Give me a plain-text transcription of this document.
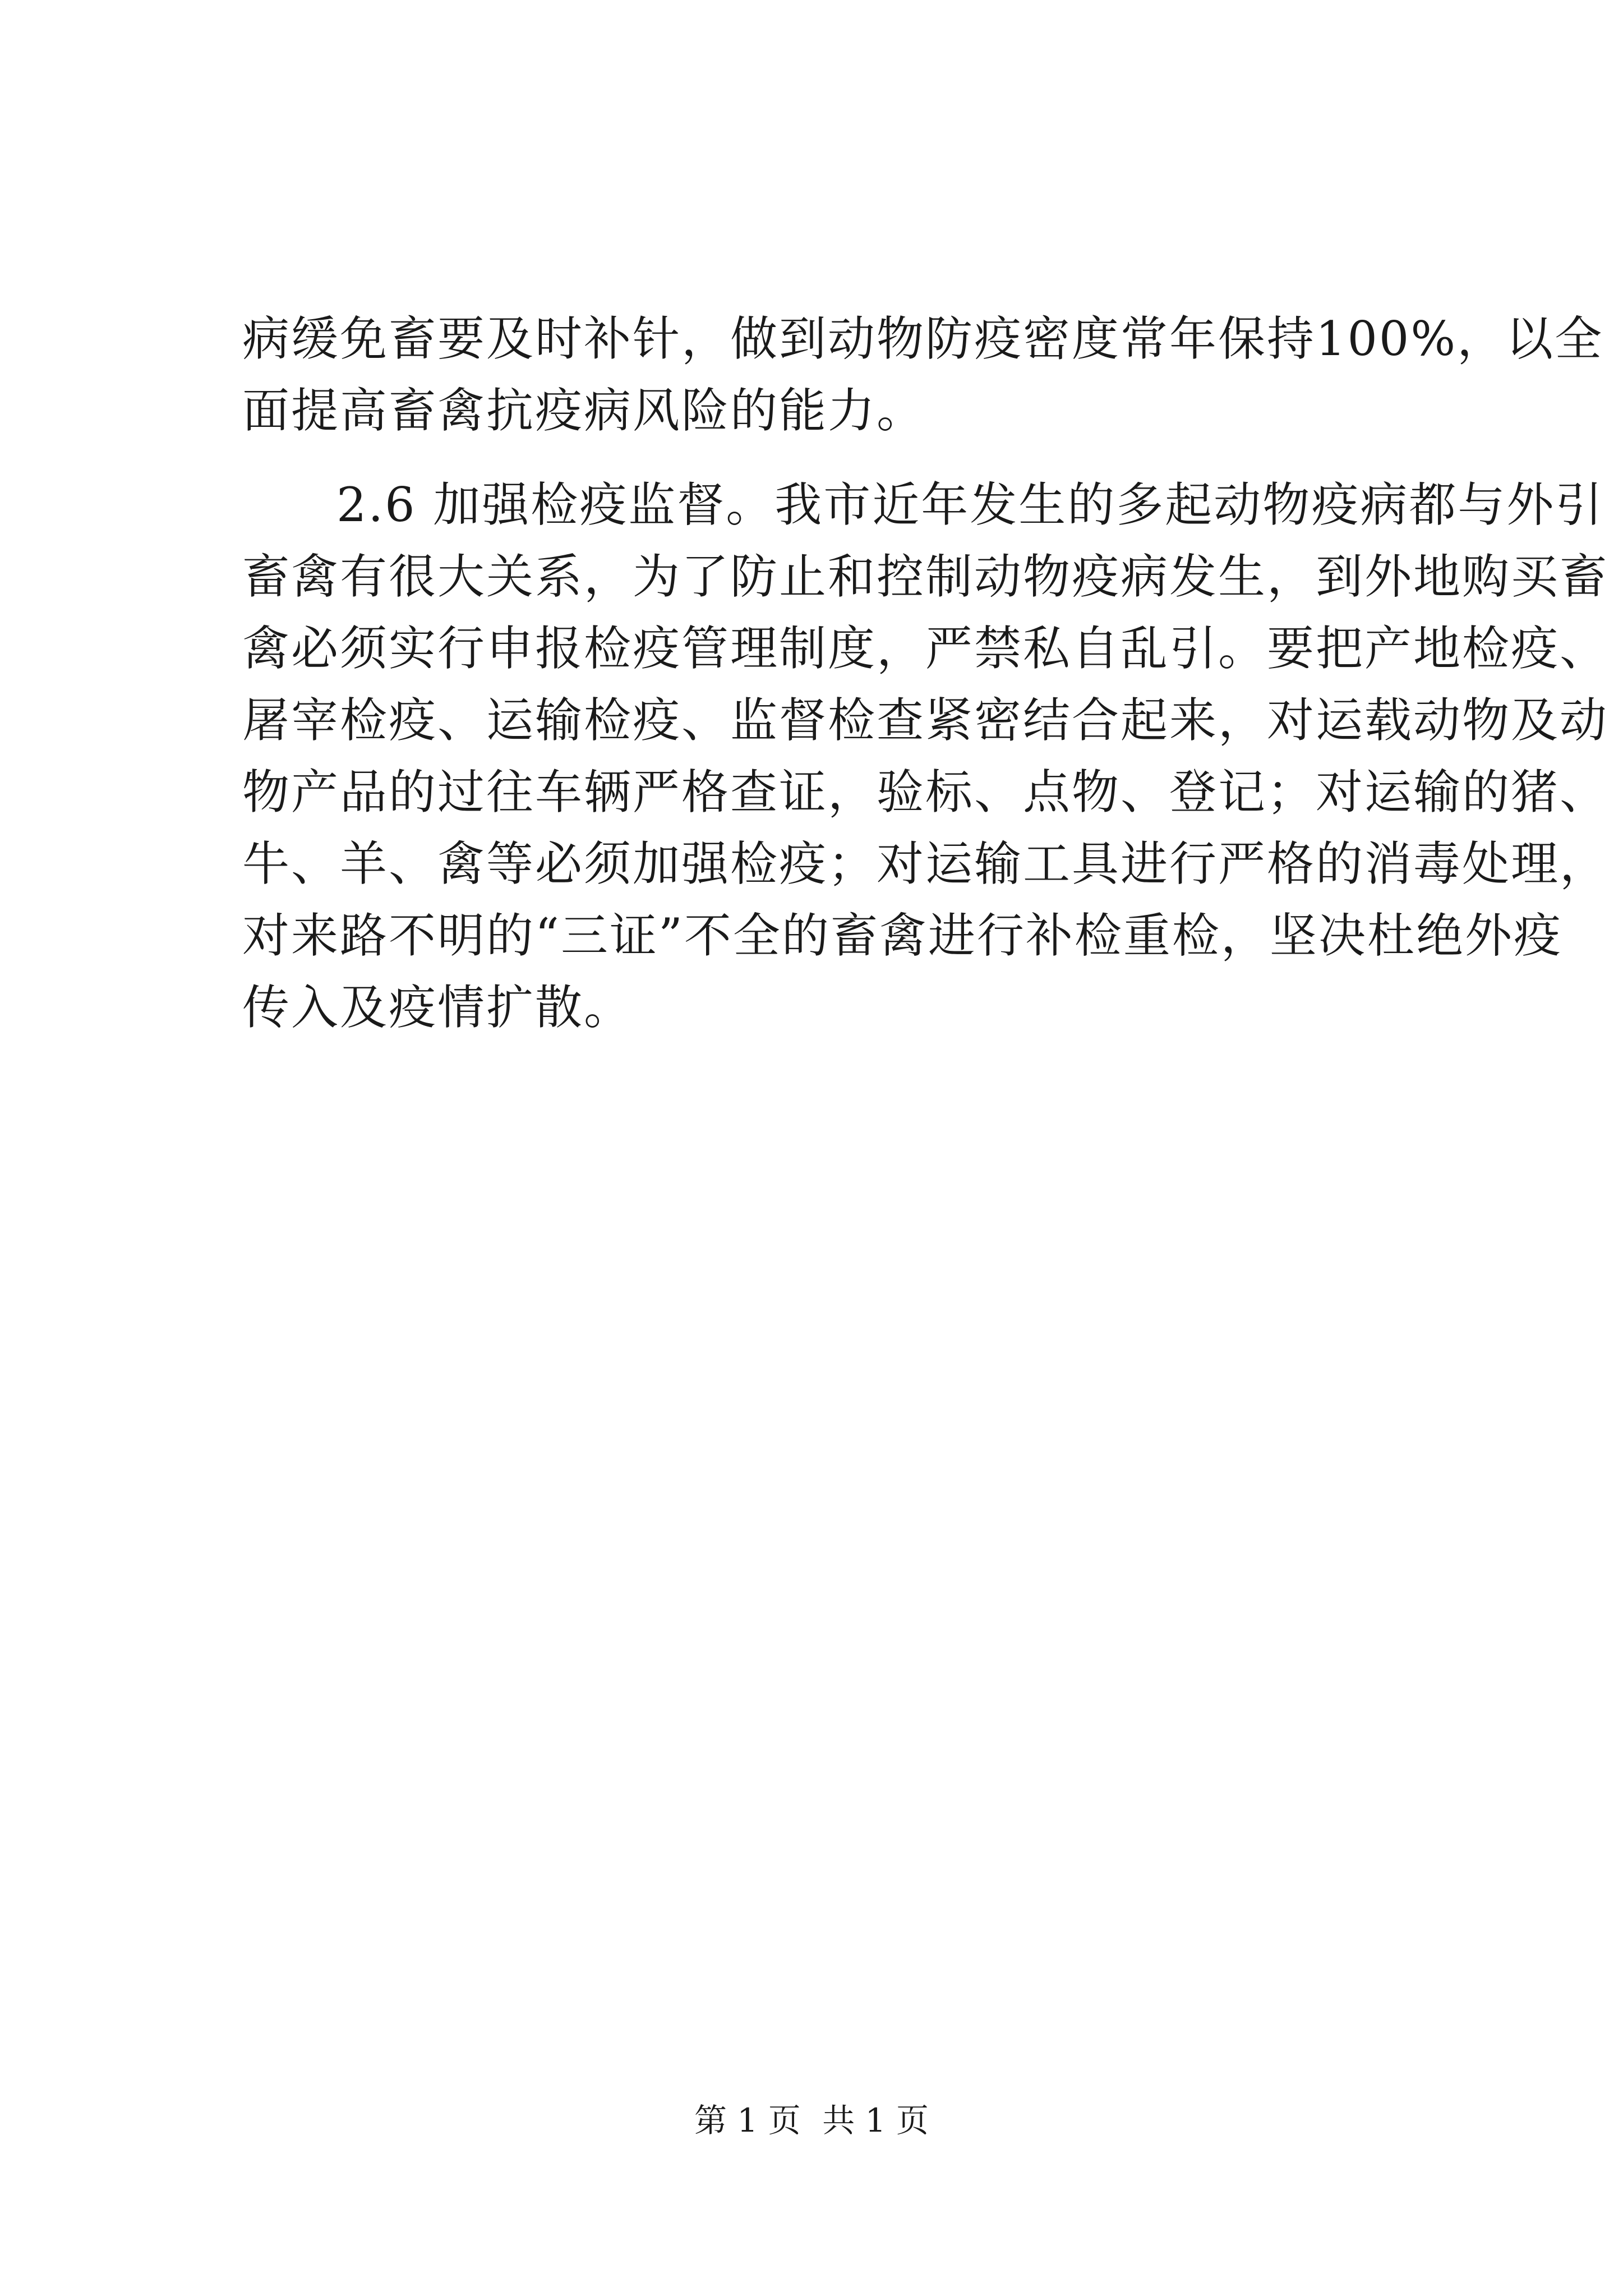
病缓免畜要及时补针，做到动物防疫密度常年保持100%，以全
面提高畜禽抗疫病风险的能力。
2.6 加强检疫监督。我市近年发生的多起动物疫病都与外引
畜禽有很大关系，为了防止和控制动物疫病发生，到外地购买畜
禽必须实行申报检疫管理制度，严禁私自乱引。要把产地检疫、
屠宰检疫、运输检疫、监督检查紧密结合起来，对运载动物及动
物产品的过往车辆严格查证，验标、点物、登记；对运输的猪、
牛、羊、禽等必须加强检疫；对运输工具进行严格的消毒处理，
对来路不明的“三证”不全的畜禽进行补检重检，坚决杜绝外疫
传入及疫情扩散。
第 1 页 共 1 页
